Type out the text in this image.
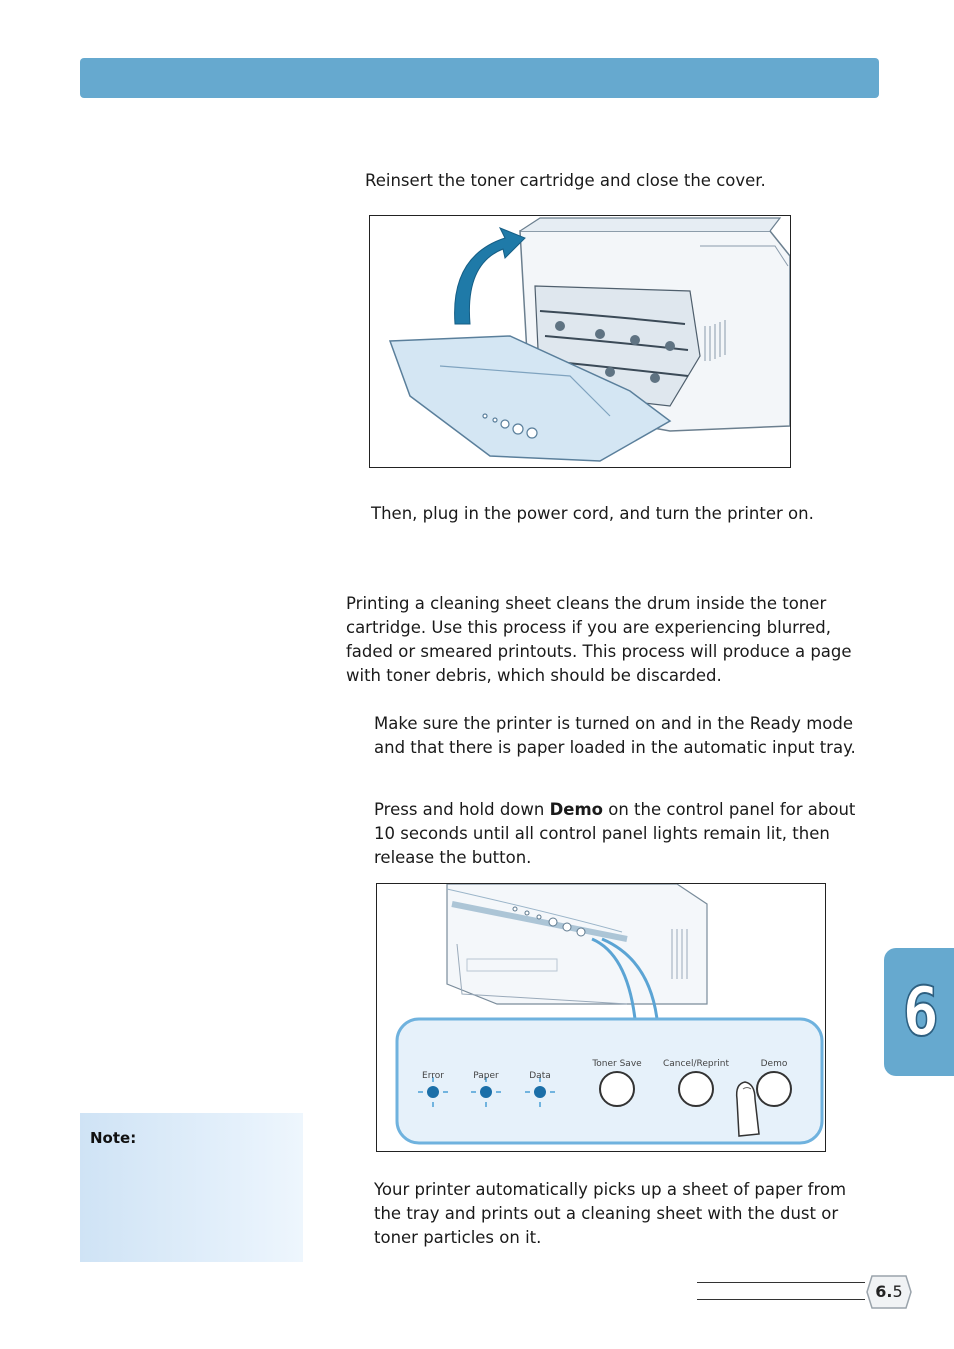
Reinsert the toner cartridge and close the cover.

Then, plug in the power cord, and turn the printer on.

Printing a cleaning sheet cleans the drum inside the toner cartridge. Use this process if you are experiencing blurred, faded or smeared printouts. This process will produce a page with toner debris, which should be discarded.

Make sure the printer is turned on and in the Ready mode and that there is paper loaded in the automatic input tray.

Press and hold down Demo on the control panel for about 10 seconds until all control panel lights remain lit, then release the button.

Error	Paper	Data
Toner Save Cancel/Reprint	Demo

Your printer automatically picks up a sheet of paper from the tray and prints out a cleaning sheet with the dust or toner particles on it.

Note:
6
6.5
